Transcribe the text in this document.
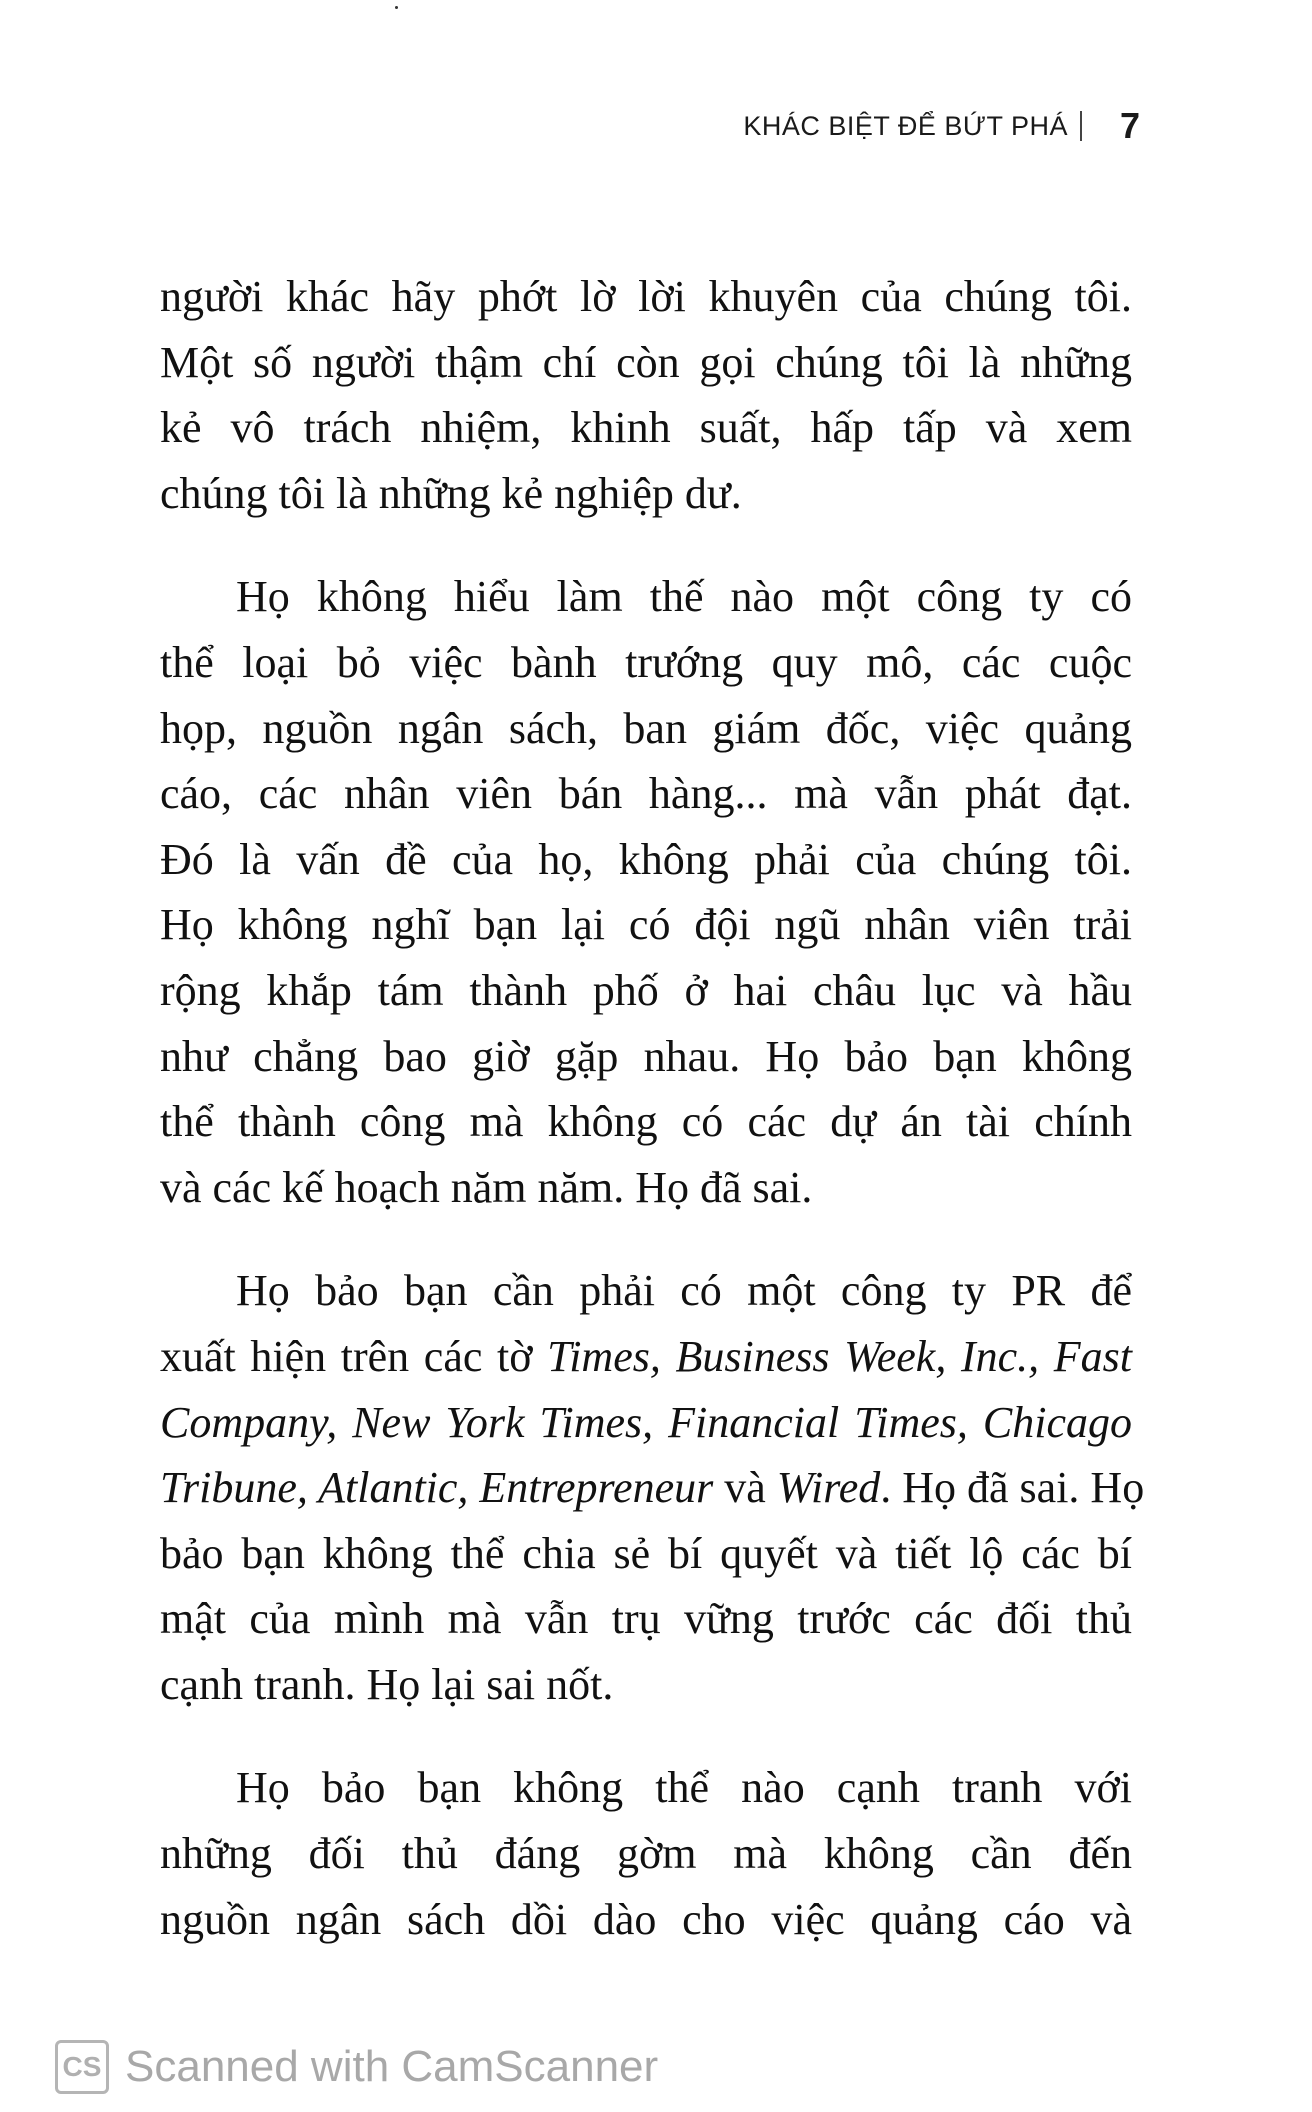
KHÁC BIỆT ĐỂ BỨT PHÁ 7
người khác hãy phớt lờ lời khuyên của chúng tôi.
Một số người thậm chí còn gọi chúng tôi là những
kẻ vô trách nhiệm, khinh suất, hấp tấp và xem
chúng tôi là những kẻ nghiệp dư.
Họ không hiểu làm thế nào một công ty có
thể loại bỏ việc bành trướng quy mô, các cuộc
họp, nguồn ngân sách, ban giám đốc, việc quảng
cáo, các nhân viên bán hàng... mà vẫn phát đạt.
Đó là vấn đề của họ, không phải của chúng tôi.
Họ không nghĩ bạn lại có đội ngũ nhân viên trải
rộng khắp tám thành phố ở hai châu lục và hầu
như chẳng bao giờ gặp nhau. Họ bảo bạn không
thể thành công mà không có các dự án tài chính
và các kế hoạch năm năm. Họ đã sai.
Họ bảo bạn cần phải có một công ty PR để
xuất hiện trên các tờ Times, Business Week, Inc., Fast
Company, New York Times, Financial Times, Chicago
Tribune, Atlantic, Entrepreneur và Wired. Họ đã sai. Họ
bảo bạn không thể chia sẻ bí quyết và tiết lộ các bí
mật của mình mà vẫn trụ vững trước các đối thủ
cạnh tranh. Họ lại sai nốt.
Họ bảo bạn không thể nào cạnh tranh với
những đối thủ đáng gờm mà không cần đến
nguồn ngân sách dồi dào cho việc quảng cáo và
CS Scanned with CamScanner
